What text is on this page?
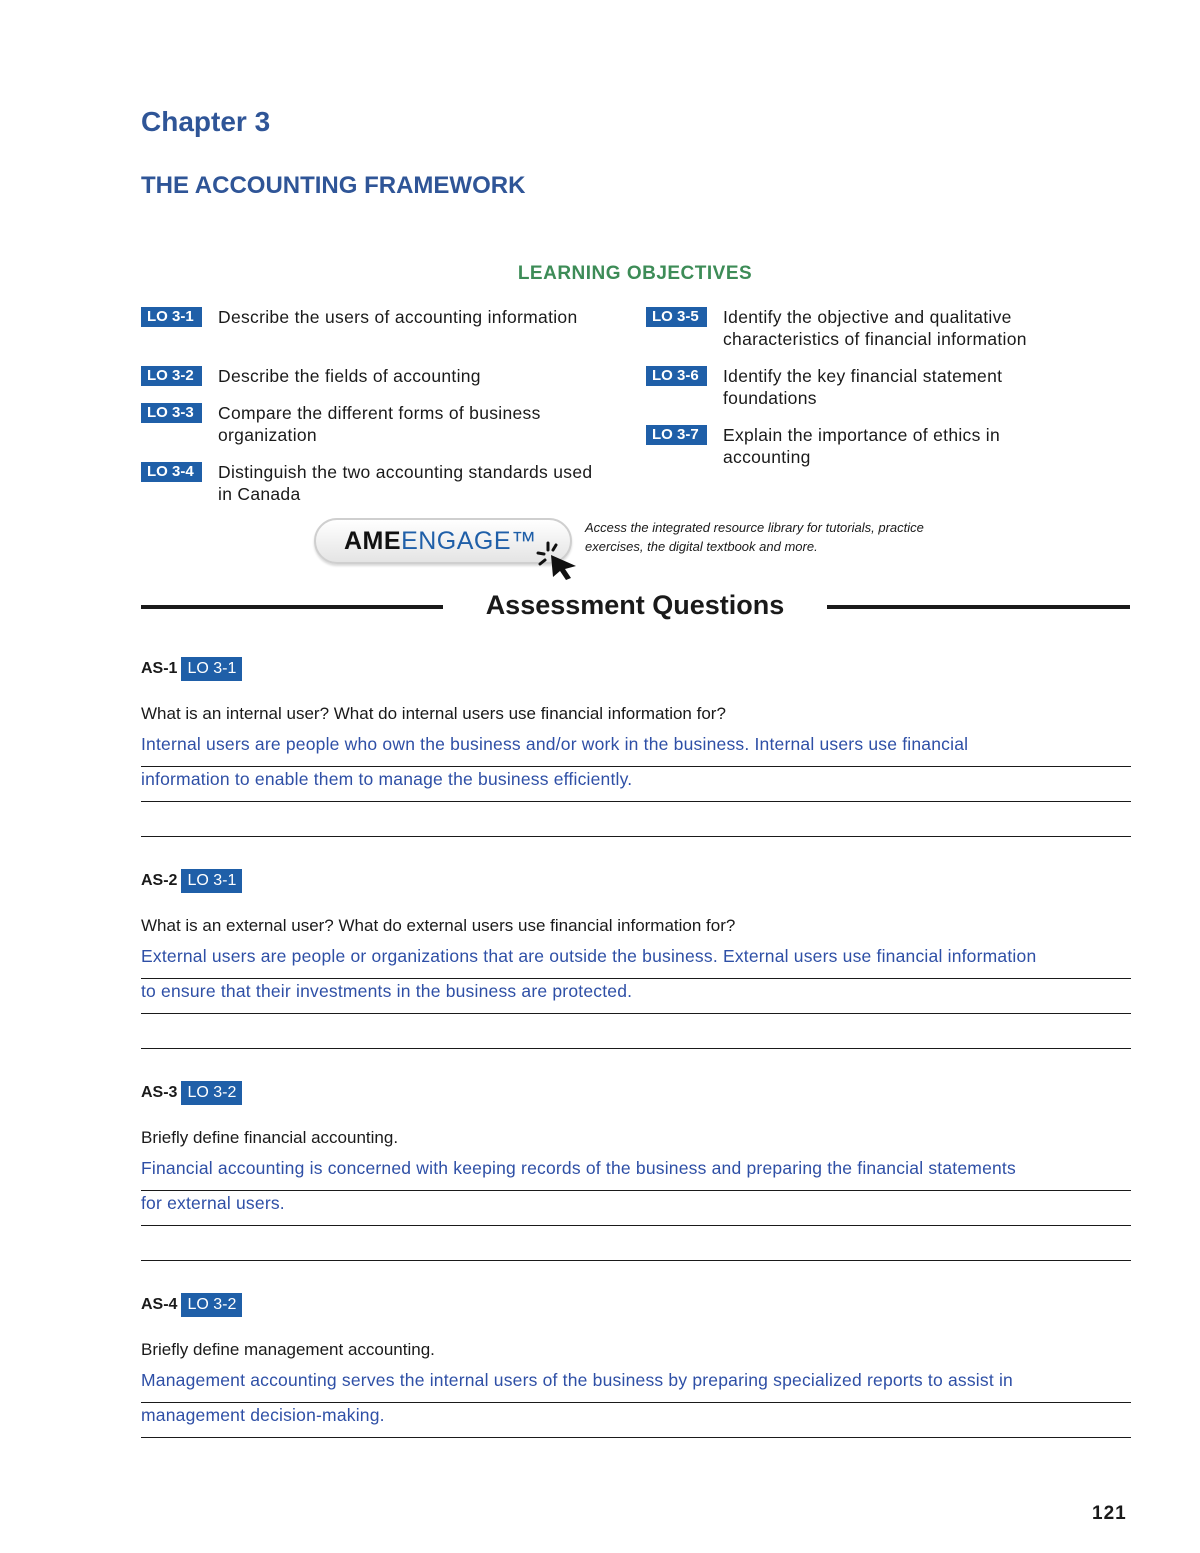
Chapter 3
THE ACCOUNTING FRAMEWORK
LEARNING OBJECTIVES
LO 3-1	Describe the users of accounting information
LO 3-2	Describe the fields of accounting
LO 3-3	Compare the different forms of business organization
LO 3-4	Distinguish the two accounting standards used in Canada
LO 3-5	Identify the objective and qualitative characteristics of financial information
LO 3-6	Identify the key financial statement foundations
LO 3-7	Explain the importance of ethics in accounting
AMEENGAGE™	Access the integrated resource library for tutorials, practice exercises, the digital textbook and more.

Assessment Questions
AS-1 LO 3-1

What is an internal user? What do internal users use financial information for?

Internal users are people who own the business and/or work in the business. Internal users use financial
information to enable them to manage the business efficiently.
AS-2 LO 3-1

What is an external user? What do external users use financial information for?

External users are people or organizations that are outside the business. External users use financial information
to ensure that their investments in the business are protected.
AS-3 LO 3-2

Briefly define financial accounting.

Financial accounting is concerned with keeping records of the business and preparing the financial statements
for external users.
AS-4 LO 3-2

Briefly define management accounting.

Management accounting serves the internal users of the business by preparing specialized reports to assist in
management decision-making.

121
